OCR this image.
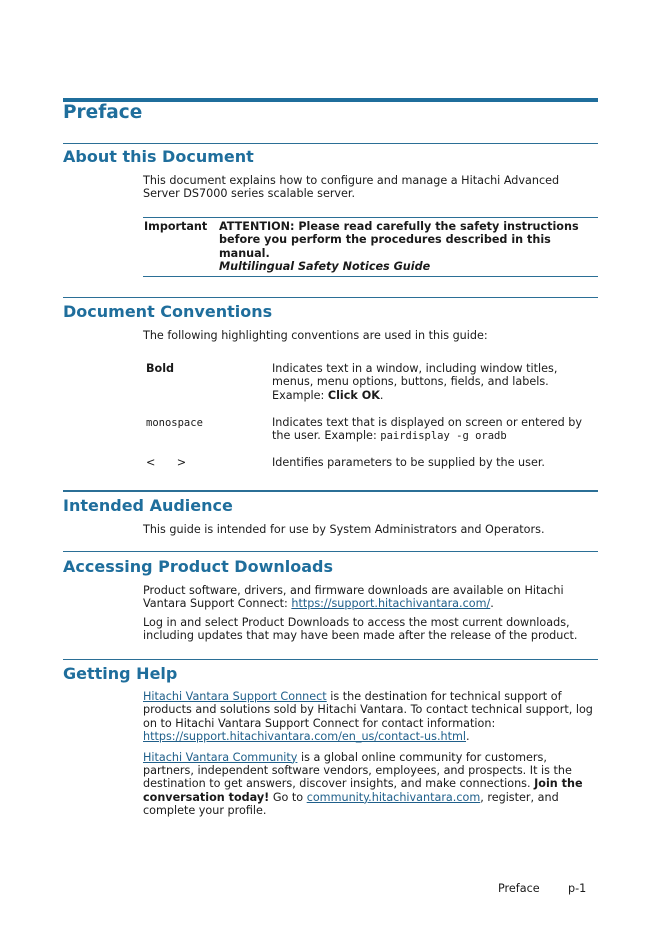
Preface
About this Document

This document explains how to configure and manage a Hitachi Advanced Server DS7000 series scalable server.

Important ATTENTION: Please read carefully the safety instructions before you perform the procedures described in this manual.
Multilingual Safety Notices Guide
Document Conventions

The following highlighting conventions are used in this guide:

Bold	Indicates text in a window, including window titles, menus, menu options, buttons, fields, and labels. Example: Click OK.
monospace	Indicates text that is displayed on screen or entered by the user. Example: pairdisplay -g oradb
<      >	Identifies parameters to be supplied by the user.
Intended Audience

This guide is intended for use by System Administrators and Operators.

Accessing Product Downloads

Product software, drivers, and firmware downloads are available on Hitachi Vantara Support Connect: https://support.hitachivantara.com/.

Log in and select Product Downloads to access the most current downloads, including updates that may have been made after the release of the product.

Getting Help

Hitachi Vantara Support Connect is the destination for technical support of products and solutions sold by Hitachi Vantara. To contact technical support, log on to Hitachi Vantara Support Connect for contact information: https://support.hitachivantara.com/en_us/contact-us.html.

Hitachi Vantara Community is a global online community for customers, partners, independent software vendors, employees, and prospects. It is the destination to get answers, discover insights, and make connections. Join the conversation today! Go to community.hitachivantara.com, register, and complete your profile.

Preface	p-1
